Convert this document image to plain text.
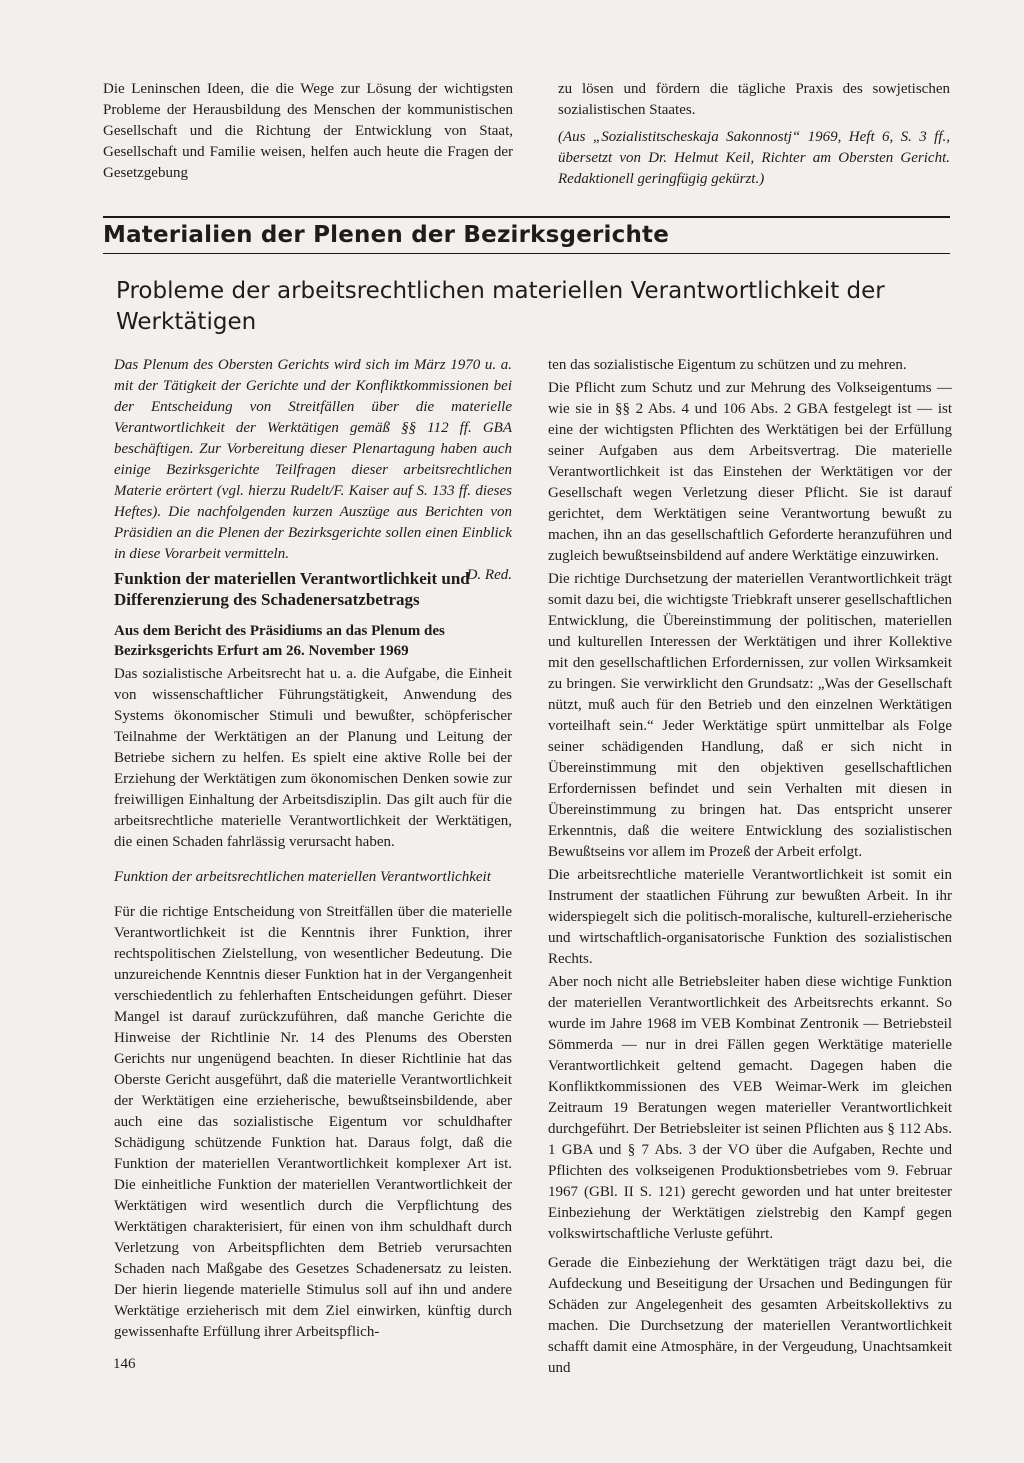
Die Leninschen Ideen, die die Wege zur Lösung der wichtigsten Probleme der Herausbildung des Menschen der kommunistischen Gesellschaft und die Richtung der Entwicklung von Staat, Gesellschaft und Familie weisen, helfen auch heute die Fragen der Gesetzgebung

zu lösen und fördern die tägliche Praxis des sowjetischen sozialistischen Staates.

(Aus „Sozialistitscheskaja Sakonnostj“ 1969, Heft 6, S. 3 ff., übersetzt von Dr. Helmut Keil, Richter am Obersten Gericht. Redaktionell geringfügig gekürzt.)

Materialien der Plenen der Bezirksgerichte
Probleme der arbeitsrechtlichen materiellen Verantwortlichkeit der Werktätigen

Das Plenum des Obersten Gerichts wird sich im März 1970 u. a. mit der Tätigkeit der Gerichte und der Konfliktkommissionen bei der Entscheidung von Streitfällen über die materielle Verantwortlichkeit der Werktätigen gemäß §§ 112 ff. GBA beschäftigen. Zur Vorbereitung dieser Plenartagung haben auch einige Bezirksgerichte Teilfragen dieser arbeitsrechtlichen Materie erörtert (vgl. hierzu Rudelt/F. Kaiser auf S. 133 ff. dieses Heftes). Die nachfolgenden kurzen Auszüge aus Berichten von Präsidien an die Plenen der Bezirksgerichte sollen einen Einblick in diese Vorarbeit vermitteln.

D. Red.

Funktion der materiellen Verantwortlichkeit und Differenzierung des Schadenersatzbetrags
Aus dem Bericht des Präsidiums an das Plenum des Bezirksgerichts Erfurt am 26. November 1969

Das sozialistische Arbeitsrecht hat u. a. die Aufgabe, die Einheit von wissenschaftlicher Führungstätigkeit, Anwendung des Systems ökonomischer Stimuli und bewußter, schöpferischer Teilnahme der Werktätigen an der Planung und Leitung der Betriebe sichern zu helfen. Es spielt eine aktive Rolle bei der Erziehung der Werktätigen zum ökonomischen Denken sowie zur freiwilligen Einhaltung der Arbeitsdisziplin. Das gilt auch für die arbeitsrechtliche materielle Verantwortlichkeit der Werktätigen, die einen Schaden fahrlässig verursacht haben.

Funktion der arbeitsrechtlichen materiellen Verantwortlichkeit

Für die richtige Entscheidung von Streitfällen über die materielle Verantwortlichkeit ist die Kenntnis ihrer Funktion, ihrer rechtspolitischen Zielstellung, von wesentlicher Bedeutung. Die unzureichende Kenntnis dieser Funktion hat in der Vergangenheit verschiedentlich zu fehlerhaften Entscheidungen geführt. Dieser Mangel ist darauf zurückzuführen, daß manche Gerichte die Hinweise der Richtlinie Nr. 14 des Plenums des Obersten Gerichts nur ungenügend beachten. In dieser Richtlinie hat das Oberste Gericht ausgeführt, daß die materielle Verantwortlichkeit der Werktätigen eine erzieherische, bewußtseinsbildende, aber auch eine das sozialistische Eigentum vor schuldhafter Schädigung schützende Funktion hat. Daraus folgt, daß die Funktion der materiellen Verantwortlichkeit komplexer Art ist. Die einheitliche Funktion der materiellen Verantwortlichkeit der Werktätigen wird wesentlich durch die Verpflichtung des Werktätigen charakterisiert, für einen von ihm schuldhaft durch Verletzung von Arbeitspflichten dem Betrieb verursachten Schaden nach Maßgabe des Gesetzes Schadenersatz zu leisten. Der hierin liegende materielle Stimulus soll auf ihn und andere Werktätige erzieherisch mit dem Ziel einwirken, künftig durch gewissenhafte Erfüllung ihrer Arbeitspflich-

ten das sozialistische Eigentum zu schützen und zu mehren.

Die Pflicht zum Schutz und zur Mehrung des Volkseigentums — wie sie in §§ 2 Abs. 4 und 106 Abs. 2 GBA festgelegt ist — ist eine der wichtigsten Pflichten des Werktätigen bei der Erfüllung seiner Aufgaben aus dem Arbeitsvertrag. Die materielle Verantwortlichkeit ist das Einstehen der Werktätigen vor der Gesellschaft wegen Verletzung dieser Pflicht. Sie ist darauf gerichtet, dem Werktätigen seine Verantwortung bewußt zu machen, ihn an das gesellschaftlich Geforderte heranzuführen und zugleich bewußtseinsbildend auf andere Werktätige einzuwirken.

Die richtige Durchsetzung der materiellen Verantwortlichkeit trägt somit dazu bei, die wichtigste Triebkraft unserer gesellschaftlichen Entwicklung, die Übereinstimmung der politischen, materiellen und kulturellen Interessen der Werktätigen und ihrer Kollektive mit den gesellschaftlichen Erfordernissen, zur vollen Wirksamkeit zu bringen. Sie verwirklicht den Grundsatz: „Was der Gesellschaft nützt, muß auch für den Betrieb und den einzelnen Werktätigen vorteilhaft sein.“ Jeder Werktätige spürt unmittelbar als Folge seiner schädigenden Handlung, daß er sich nicht in Übereinstimmung mit den objektiven gesellschaftlichen Erfordernissen befindet und sein Verhalten mit diesen in Übereinstimmung zu bringen hat. Das entspricht unserer Erkenntnis, daß die weitere Entwicklung des sozialistischen Bewußtseins vor allem im Prozeß der Arbeit erfolgt.

Die arbeitsrechtliche materielle Verantwortlichkeit ist somit ein Instrument der staatlichen Führung zur bewußten Arbeit. In ihr widerspiegelt sich die politisch-moralische, kulturell-erzieherische und wirtschaftlich-organisatorische Funktion des sozialistischen Rechts.

Aber noch nicht alle Betriebsleiter haben diese wichtige Funktion der materiellen Verantwortlichkeit des Arbeitsrechts erkannt. So wurde im Jahre 1968 im VEB Kombinat Zentronik — Betriebsteil Sömmerda — nur in drei Fällen gegen Werktätige materielle Verantwortlichkeit geltend gemacht. Dagegen haben die Konfliktkommissionen des VEB Weimar-Werk im gleichen Zeitraum 19 Beratungen wegen materieller Verantwortlichkeit durchgeführt. Der Betriebsleiter ist seinen Pflichten aus § 112 Abs. 1 GBA und § 7 Abs. 3 der VO über die Aufgaben, Rechte und Pflichten des volkseigenen Produktionsbetriebes vom 9. Februar 1967 (GBl. II S. 121) gerecht geworden und hat unter breitester Einbeziehung der Werktätigen zielstrebig den Kampf gegen volkswirtschaftliche Verluste geführt.

Gerade die Einbeziehung der Werktätigen trägt dazu bei, die Aufdeckung und Beseitigung der Ursachen und Bedingungen für Schäden zur Angelegenheit des gesamten Arbeitskollektivs zu machen. Die Durchsetzung der materiellen Verantwortlichkeit schafft damit eine Atmosphäre, in der Vergeudung, Unachtsamkeit und

146
